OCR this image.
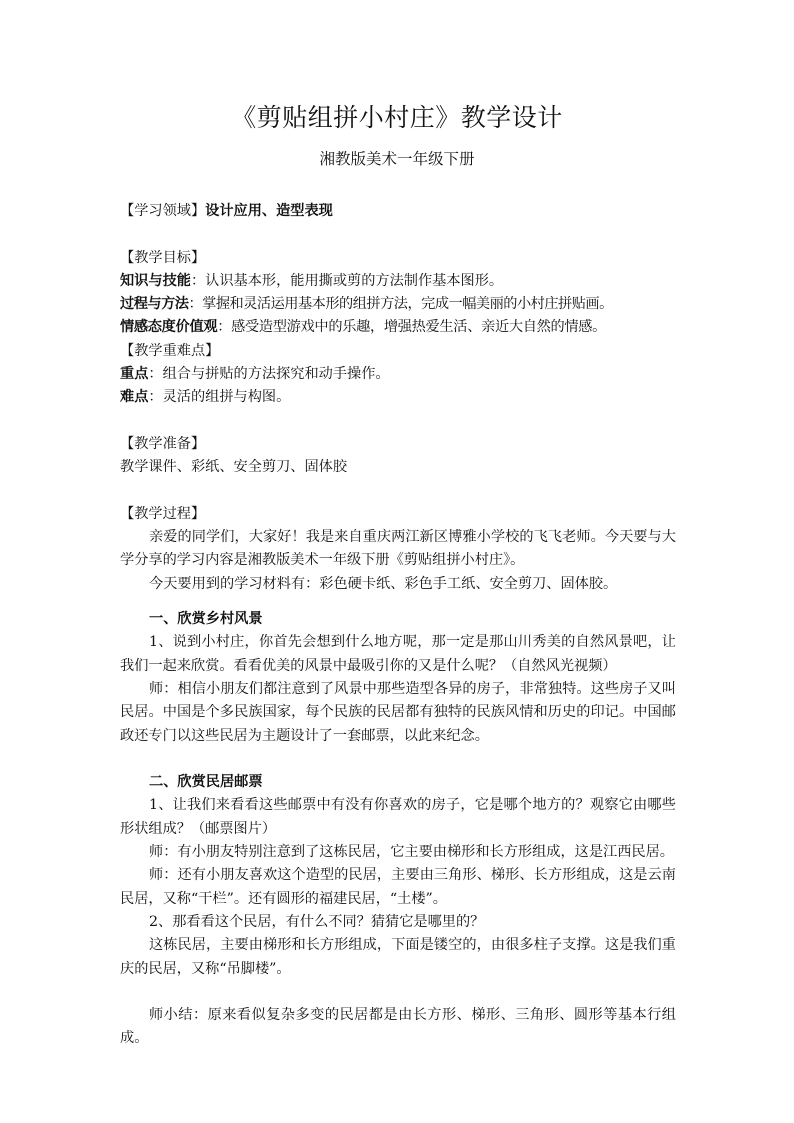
《剪贴组拼小村庄》教学设计
湘教版美术一年级下册
【学习领域】设计应用、造型表现
【教学目标】
知识与技能：认识基本形，能用撕或剪的方法制作基本图形。
过程与方法：掌握和灵活运用基本形的组拼方法，完成一幅美丽的小村庄拼贴画。
情感态度价值观：感受造型游戏中的乐趣，增强热爱生活、亲近大自然的情感。
【教学重难点】
重点：组合与拼贴的方法探究和动手操作。
难点：灵活的组拼与构图。
【教学准备】
教学课件、彩纸、安全剪刀、固体胶
【教学过程】
亲爱的同学们，大家好！我是来自重庆两江新区博雅小学校的飞飞老师。今天要与大学分享的学习内容是湘教版美术一年级下册《剪贴组拼小村庄》。
今天要用到的学习材料有：彩色硬卡纸、彩色手工纸、安全剪刀、固体胶。
一、欣赏乡村风景
1、说到小村庄，你首先会想到什么地方呢，那一定是那山川秀美的自然风景吧，让我们一起来欣赏。看看优美的风景中最吸引你的又是什么呢？（自然风光视频）
师：相信小朋友们都注意到了风景中那些造型各异的房子，非常独特。这些房子又叫民居。中国是个多民族国家，每个民族的民居都有独特的民族风情和历史的印记。中国邮政还专门以这些民居为主题设计了一套邮票，以此来纪念。
二、欣赏民居邮票
1、让我们来看看这些邮票中有没有你喜欢的房子，它是哪个地方的？观察它由哪些形状组成？（邮票图片）
师：有小朋友特别注意到了这栋民居，它主要由梯形和长方形组成，这是江西民居。
师：还有小朋友喜欢这个造型的民居，主要由三角形、梯形、长方形组成，这是云南民居，又称“干栏”。还有圆形的福建民居，“土楼”。
2、那看看这个民居，有什么不同？猜猜它是哪里的？
这栋民居，主要由梯形和长方形组成，下面是镂空的，由很多柱子支撑。这是我们重庆的民居，又称“吊脚楼”。
师小结：原来看似复杂多变的民居都是由长方形、梯形、三角形、圆形等基本行组成。
